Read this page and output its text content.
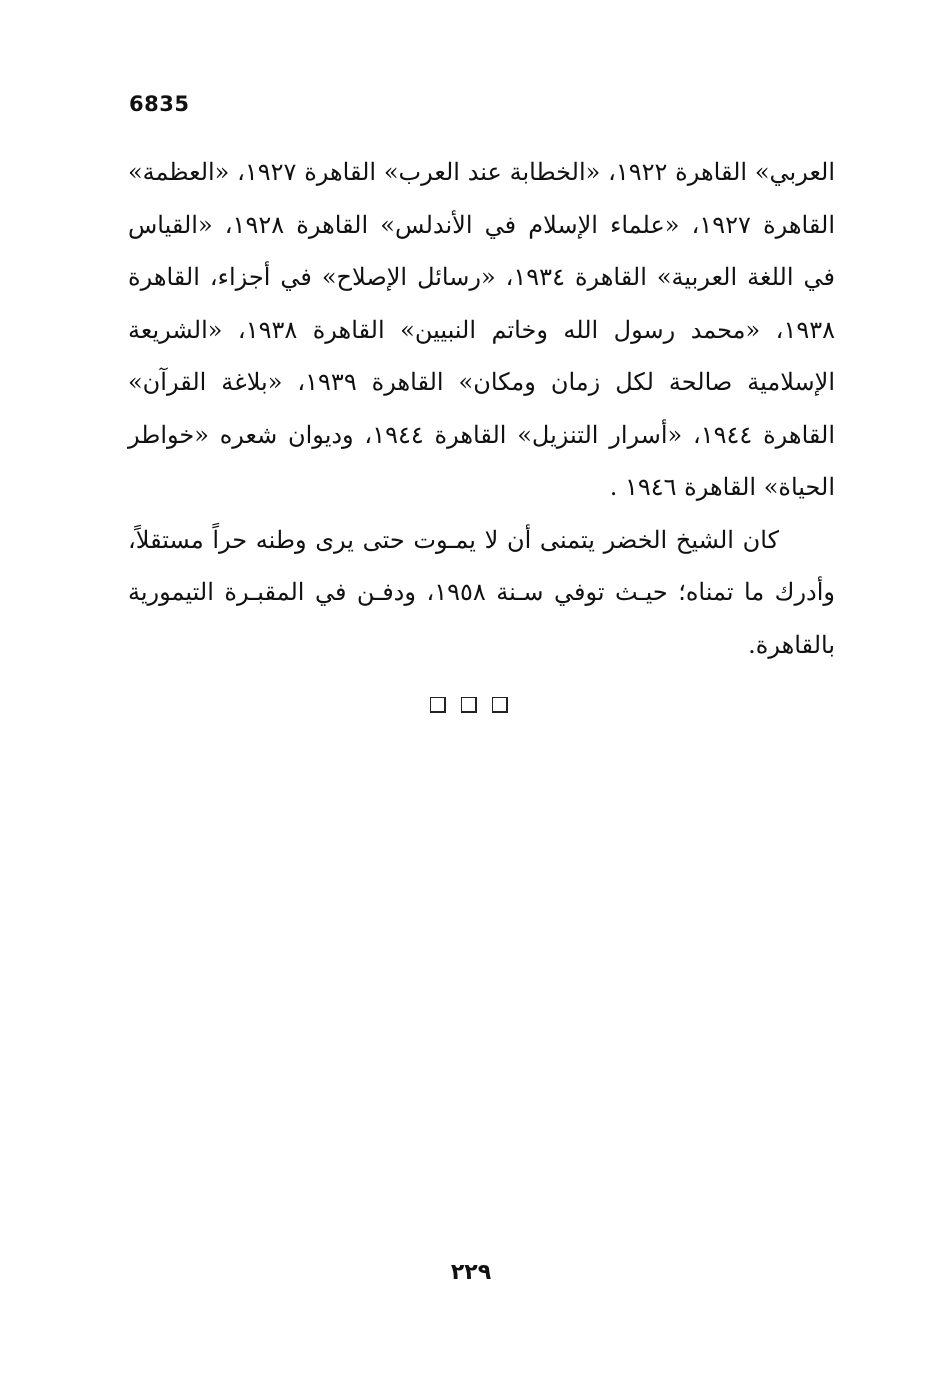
6835

العربي» القاهرة ١٩٢٢، «الخطابة عند العرب» القاهرة ١٩٢٧، «العظمة» القاهرة ١٩٢٧، «علماء الإسلام في الأندلس» القاهرة ١٩٢٨، «القياس في اللغة العربية» القاهرة ١٩٣٤، «رسائل الإصلاح» في أجزاء، القاهرة ١٩٣٨، «محمد رسول الله وخاتم النبيين» القاهرة ١٩٣٨، «الشريعة الإسلامية صالحة لكل زمان ومكان» القاهرة ١٩٣٩، «بلاغة القرآن» القاهرة ١٩٤٤، «أسرار التنزيل» القاهرة ١٩٤٤، وديوان شعره «خواطر الحياة» القاهرة ١٩٤٦ .

كان الشيخ الخضر يتمنى أن لا يمـوت حتى يرى وطنه حراً مستقلاً، وأدرك ما تمناه؛ حيـث توفي سـنة ١٩٥٨، ودفـن في المقبـرة التيمورية بالقاهرة.

٢٢٩
